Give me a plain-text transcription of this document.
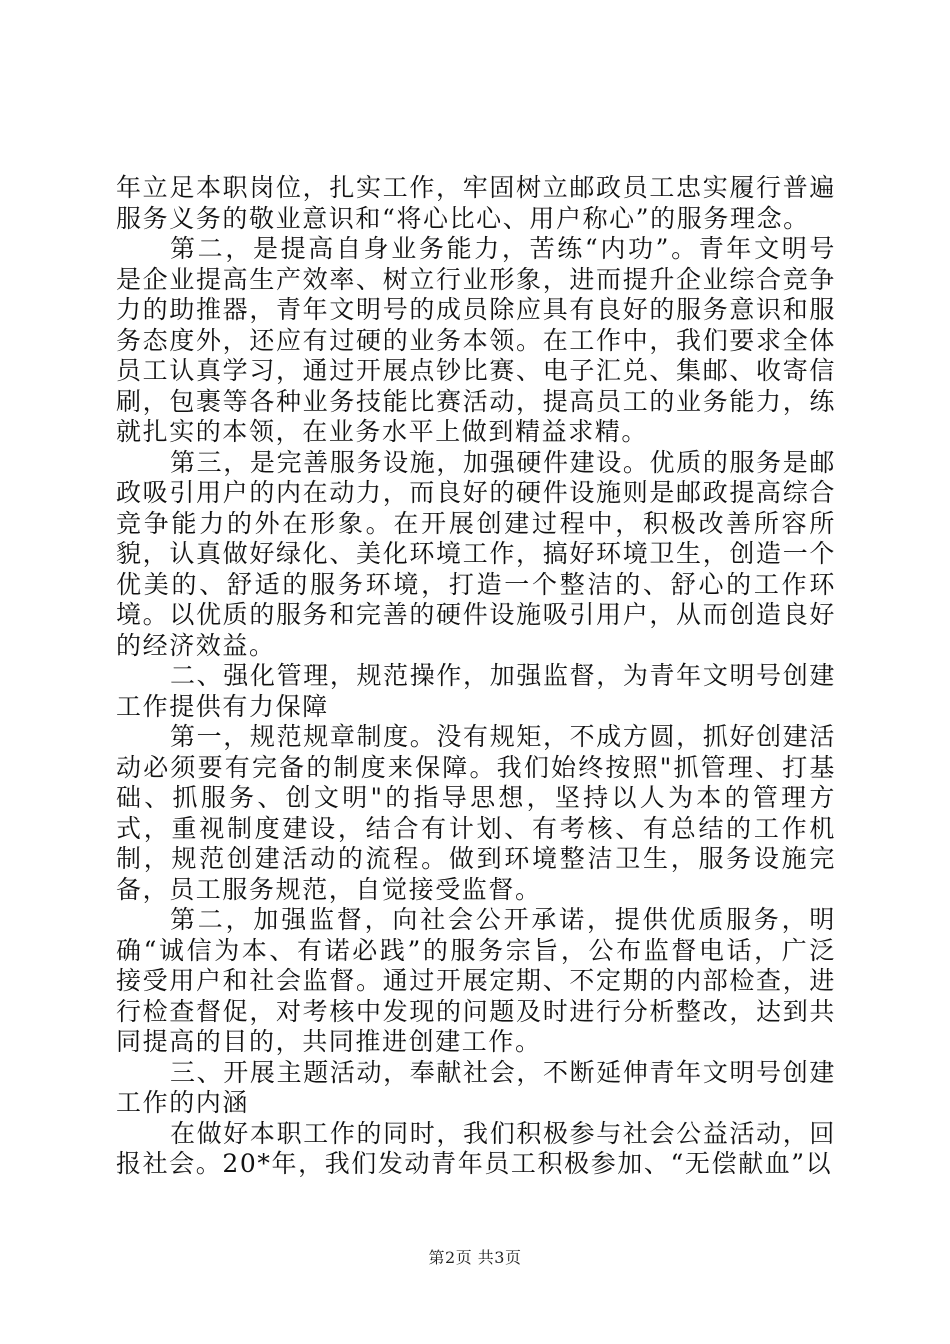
年立足本职岗位，扎实工作，牢固树立邮政员工忠实履行普遍服务义务的敬业意识和“将心比心、用户称心”的服务理念。

第二，是提高自身业务能力，苦练“内功”。青年文明号是企业提高生产效率、树立行业形象，进而提升企业综合竞争力的助推器，青年文明号的成员除应具有良好的服务意识和服务态度外，还应有过硬的业务本领。在工作中，我们要求全体员工认真学习，通过开展点钞比赛、电子汇兑、集邮、收寄信刷，包裹等各种业务技能比赛活动，提高员工的业务能力，练就扎实的本领，在业务水平上做到精益求精。

第三，是完善服务设施，加强硬件建设。优质的服务是邮政吸引用户的内在动力，而良好的硬件设施则是邮政提高综合竞争能力的外在形象。在开展创建过程中，积极改善所容所貌，认真做好绿化、美化环境工作，搞好环境卫生，创造一个优美的、舒适的服务环境，打造一个整洁的、舒心的工作环境。以优质的服务和完善的硬件设施吸引用户，从而创造良好的经济效益。

二、强化管理，规范操作，加强监督，为青年文明号创建工作提供有力保障

第一，规范规章制度。没有规矩，不成方圆，抓好创建活动必须要有完备的制度来保障。我们始终按照"抓管理、打基础、抓服务、创文明"的指导思想，坚持以人为本的管理方式，重视制度建设，结合有计划、有考核、有总结的工作机制，规范创建活动的流程。做到环境整洁卫生，服务设施完备，员工服务规范，自觉接受监督。

第二，加强监督，向社会公开承诺，提供优质服务，明确“诚信为本、有诺必践”的服务宗旨，公布监督电话，广泛接受用户和社会监督。通过开展定期、不定期的内部检查，进行检查督促，对考核中发现的问题及时进行分析整改，达到共同提高的目的，共同推进创建工作。

三、开展主题活动，奉献社会，不断延伸青年文明号创建工作的内涵

在做好本职工作的同时，我们积极参与社会公益活动，回报社会。20*年，我们发动青年员工积极参加、“无偿献血”以

第2页 共3页
